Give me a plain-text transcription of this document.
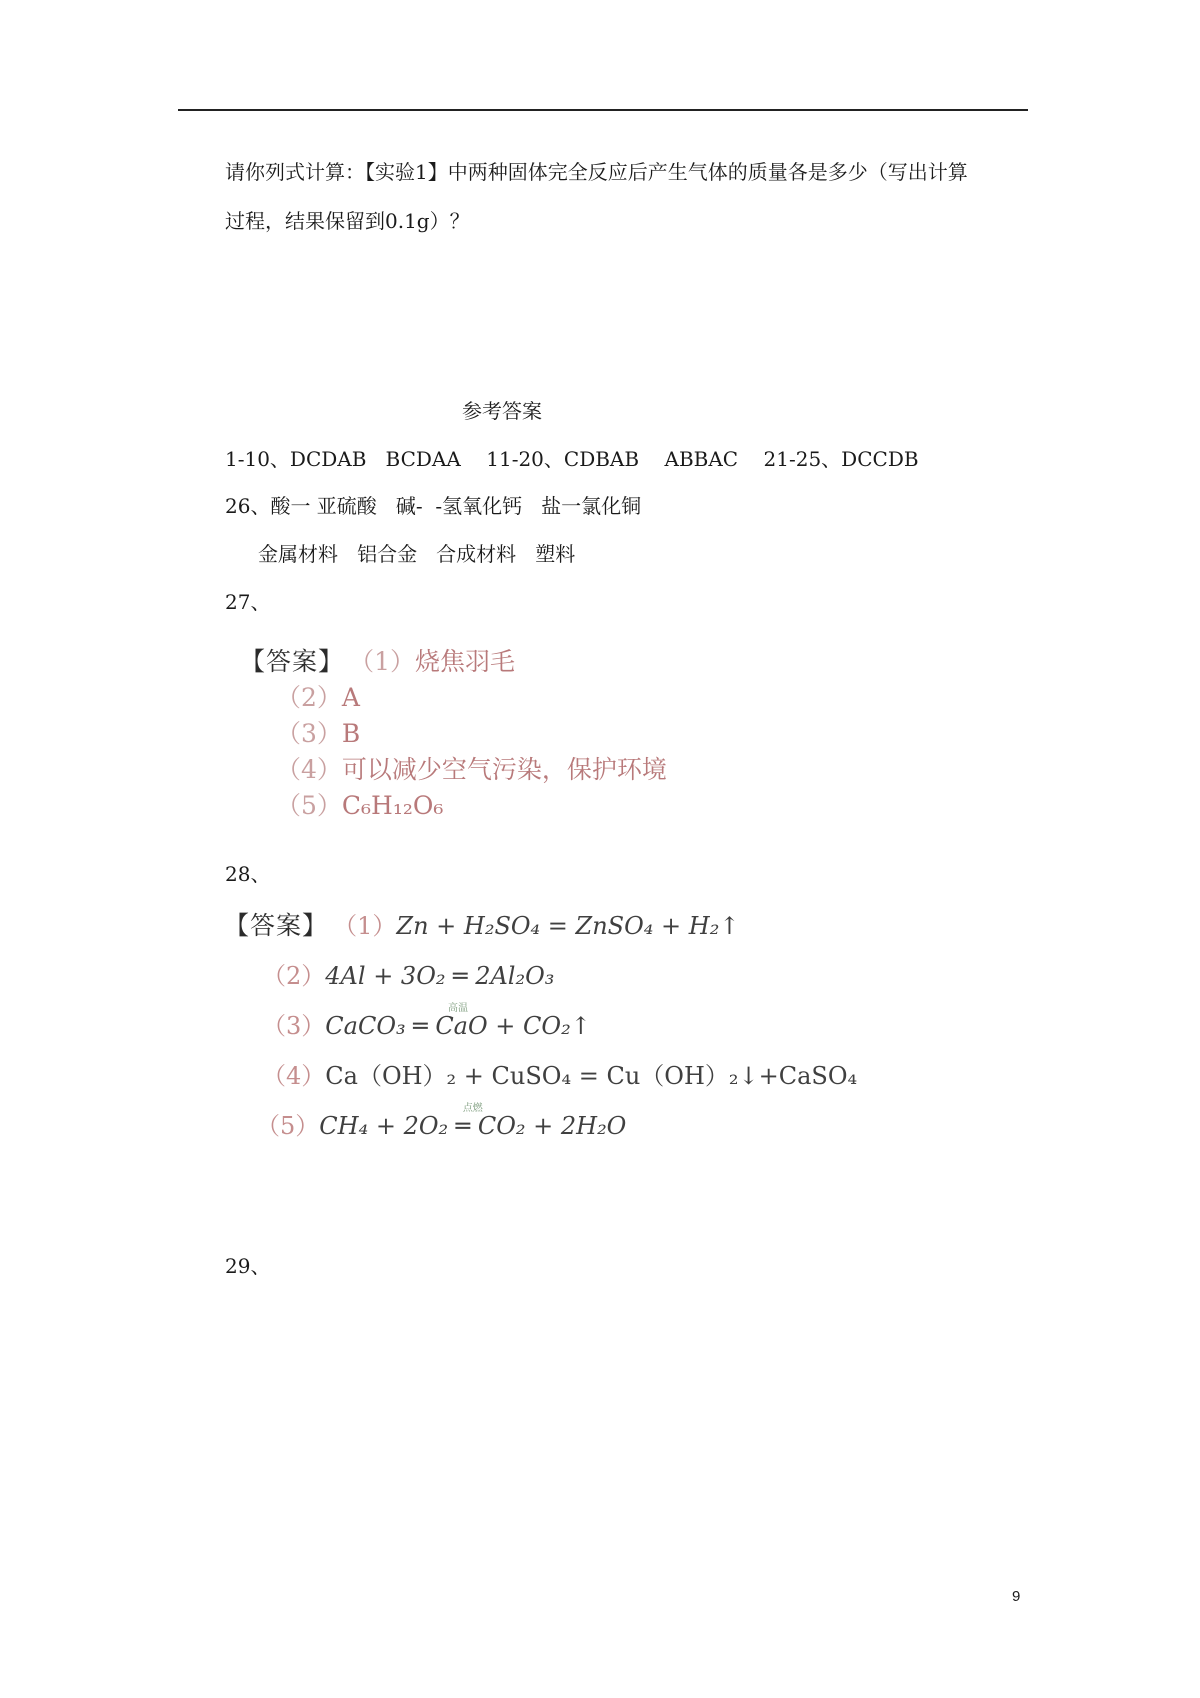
请你列式计算：【实验1】中两种固体完全反应后产生气体的质量各是多少（写出计算
过程，结果保留到0.1g）？
参考答案
1-10、DCDAB   BCDAA    11-20、CDBAB    ABBAC    21-25、DCCDB
26、酸一 亚硫酸   碱-  -氢氧化钙   盐一氯化铜
金属材料   铝合金   合成材料   塑料
27、
【答案】 （1）烧焦羽毛
（2）A
（3）B
（4）可以减少空气污染，保护环境
（5）C₆H₁₂O₆
28、
【答案】 （1）Zn + H₂SO₄ = ZnSO₄ + H₂↑
（2）4Al + 3O₂ ═ 2Al₂O₃
（3）
高温
CaCO₃ ═ CaO + CO₂↑
（4）Ca（OH）₂ + CuSO₄ = Cu（OH）₂↓+CaSO₄
（5）
点燃
CH₄ + 2O₂ ═ CO₂ + 2H₂O
29、
9
